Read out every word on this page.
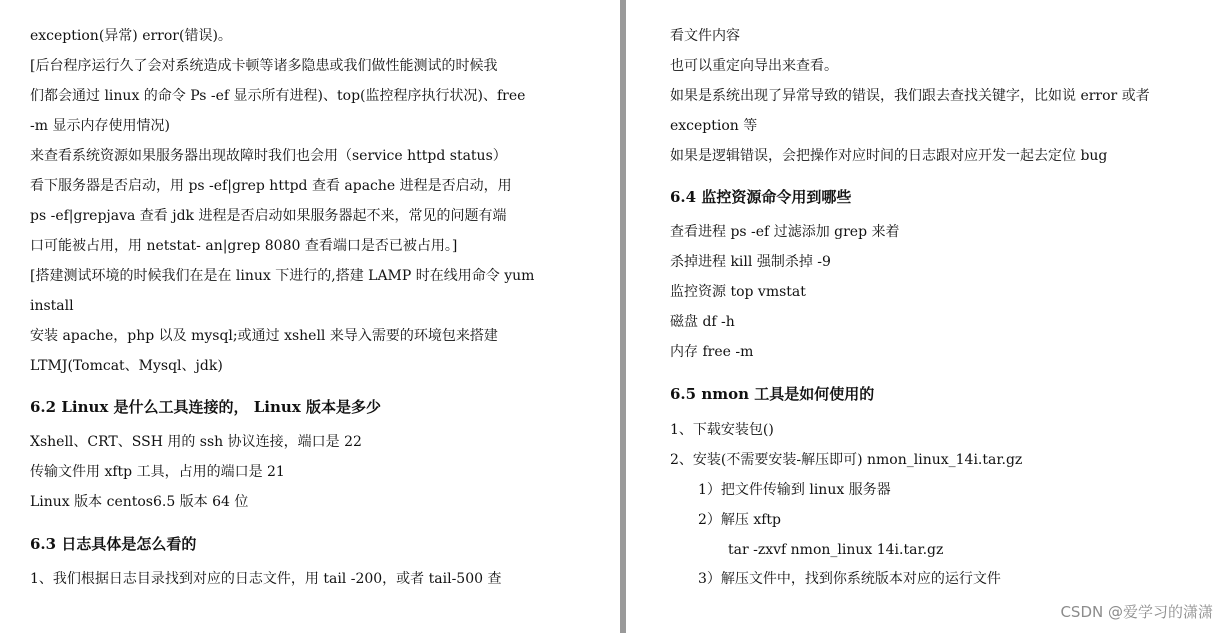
exception(异常) error(错误)。
[后台程序运行久了会对系统造成卡顿等诸多隐患或我们做性能测试的时候我
们都会通过 linux 的命令 Ps -ef 显示所有进程)、top(监控程序执行状况)、free
-m 显示内存使用情况)
来查看系统资源如果服务器出现故障时我们也会用（service httpd status）
看下服务器是否启动，用 ps -ef|grep httpd 查看 apache 进程是否启动，用
ps -ef|grepjava 查看 jdk 进程是否启动如果服务器起不来，常见的问题有端
口可能被占用，用 netstat- an|grep 8080 查看端口是否已被占用。]
[搭建测试环境的时候我们在是在 linux 下进行的,搭建 LAMP 时在线用命令 yum
install
安装 apache，php 以及 mysql;或通过 xshell 来导入需要的环境包来搭建
LTMJ(Tomcat、Mysql、jdk)
6.2 Linux 是什么工具连接的， Linux 版本是多少
Xshell、CRT、SSH 用的 ssh 协议连接，端口是 22
传输文件用 xftp 工具，占用的端口是 21
Linux 版本 centos6.5 版本 64 位
6.3 日志具体是怎么看的
1、我们根据日志目录找到对应的日志文件，用 tail -200，或者 tail-500 查
看文件内容
也可以重定向导出来查看。
如果是系统出现了异常导致的错误，我们跟去查找关键字，比如说 error 或者
exception 等
如果是逻辑错误，会把操作对应时间的日志跟对应开发一起去定位 bug
6.4 监控资源命令用到哪些
查看进程 ps -ef 过滤添加 grep 来着
杀掉进程 kill 强制杀掉 -9
监控资源 top vmstat
磁盘 df -h
内存 free -m
6.5 nmon 工具是如何使用的
1、下载安装包()
2、安装(不需要安装-解压即可) nmon_linux_14i.tar.gz
1）把文件传输到 linux 服务器
2）解压 xftp
tar -zxvf nmon_linux 14i.tar.gz
3）解压文件中，找到你系统版本对应的运行文件
CSDN @爱学习的潇潇
